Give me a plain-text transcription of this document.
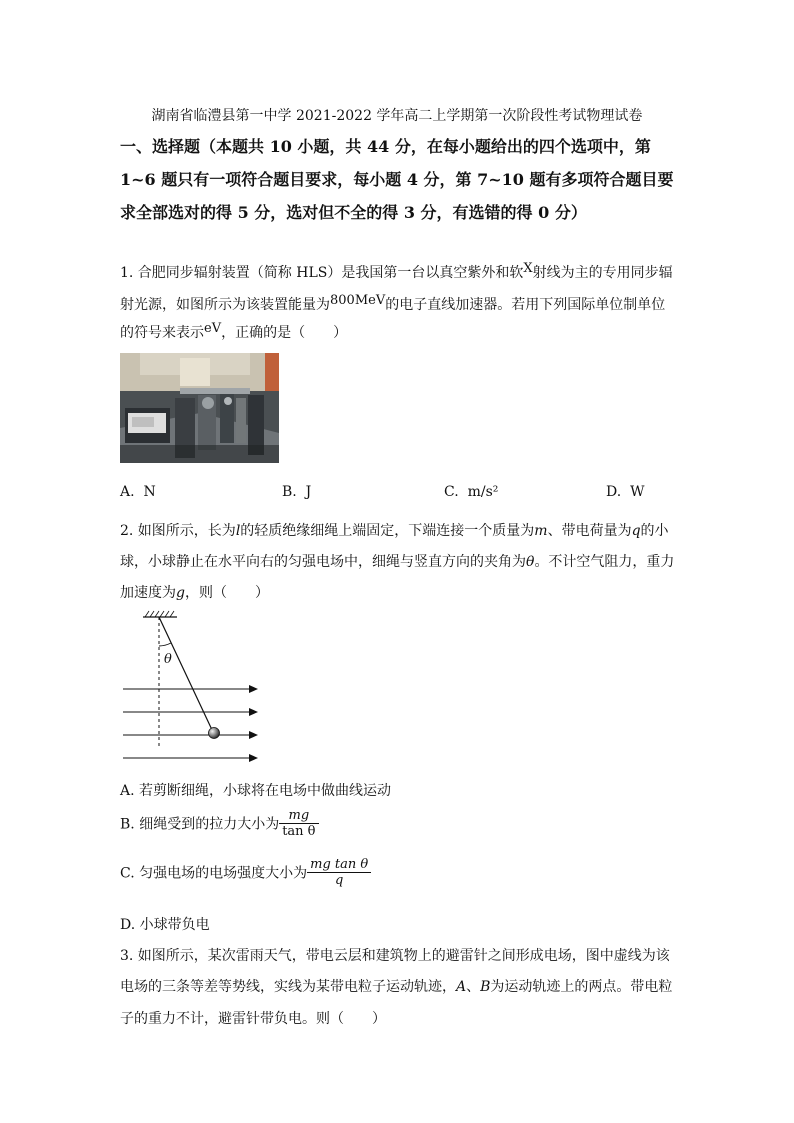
湖南省临澧县第一中学 2021-2022 学年高二上学期第一次阶段性考试物理试卷
一、选择题（本题共 10 小题，共 44 分，在每小题给出的四个选项中，第 1~6 题只有一项符合题目要求，每小题 4 分，第 7~10 题有多项符合题目要求全部选对的得 5 分，选对但不全的得 3 分，有选错的得 0 分）
1. 合肥同步辐射装置（简称 HLS）是我国第一台以真空紫外和软X射线为主的专用同步辐
射光源，如图所示为该装置能量为800MeV的电子直线加速器。若用下列国际单位制单位
的符号来表示eV，正确的是（　　）
A. N	B. J	C. m/s²	D. W
2. 如图所示，长为l的轻质绝缘细绳上端固定，下端连接一个质量为m、带电荷量为q的小
球，小球静止在水平向右的匀强电场中，细绳与竖直方向的夹角为θ。不计空气阻力，重力
加速度为g，则（　　）
θ
A. 若剪断细绳，小球将在电场中做曲线运动
B. 细绳受到的拉力大小为 $\frac{mg}{\text{tan θ}}$
C. 匀强电场的电场强度大小为 $\frac{\text{mg tan θ}}{q}$
D. 小球带负电
3. 如图所示，某次雷雨天气，带电云层和建筑物上的避雷针之间形成电场，图中虚线为该
电场的三条等差等势线，实线为某带电粒子运动轨迹，A、B为运动轨迹上的两点。带电粒
子的重力不计，避雷针带负电。则（　　）
